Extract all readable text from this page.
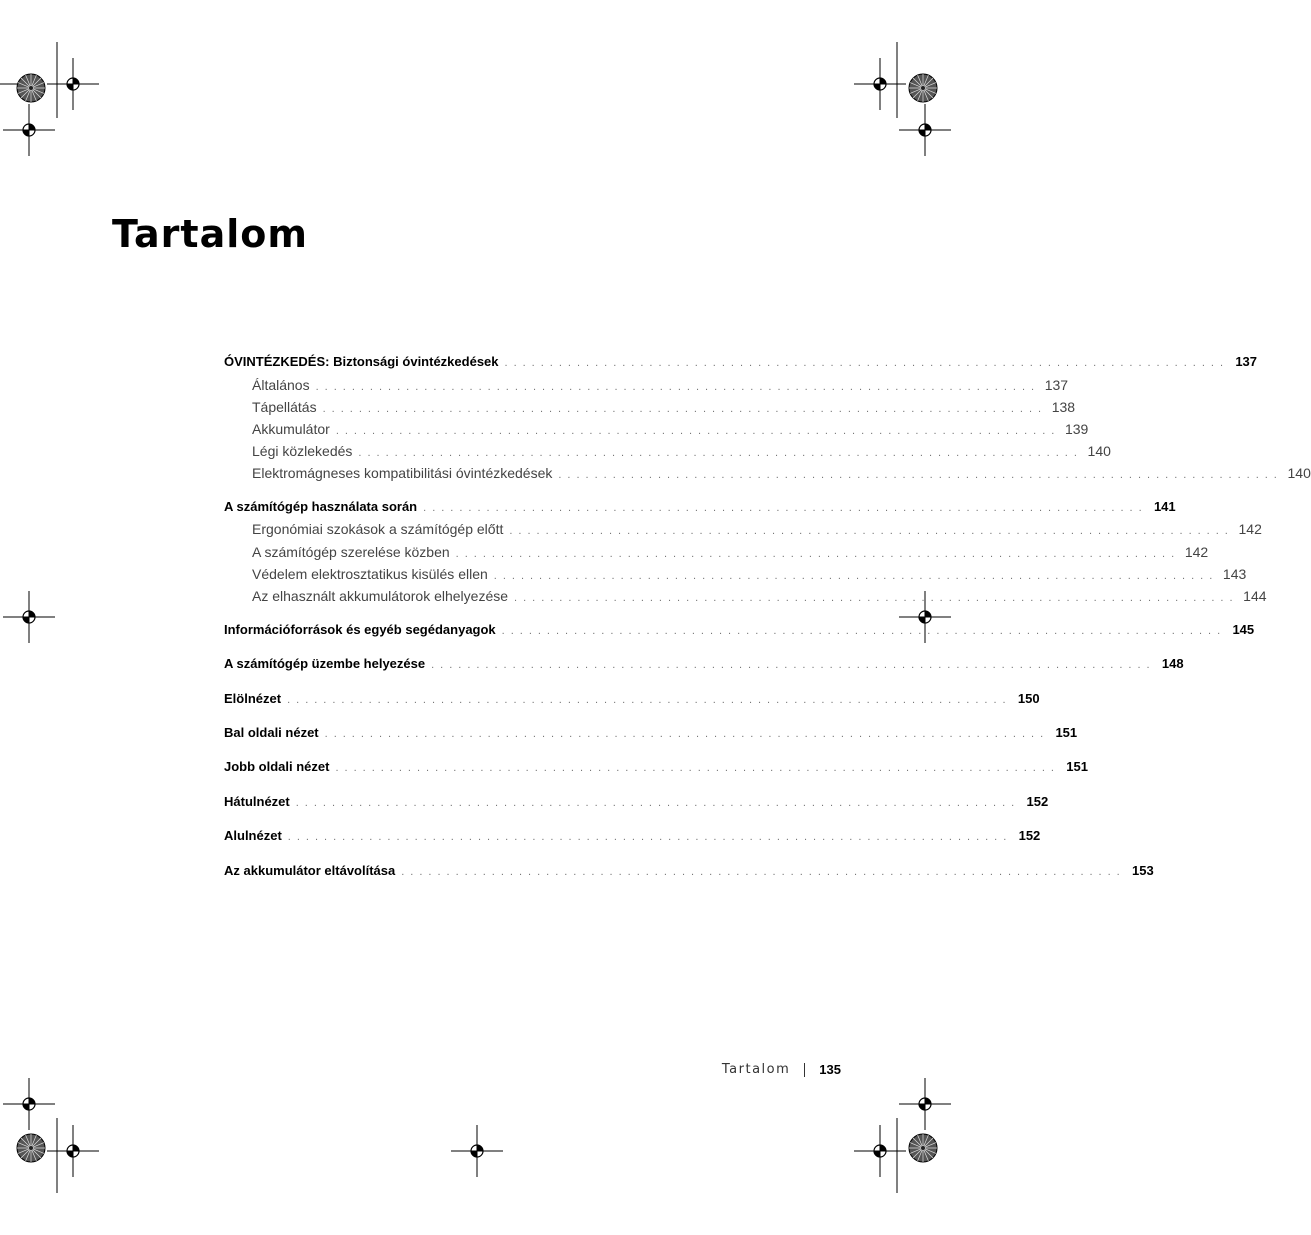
Tartalom
ÓVINTÉZKEDÉS: Biztonsági óvintézkedések ................................................................................ 137
Általános ................................................................................ 137
Tápellátás ................................................................................ 138
Akkumulátor ................................................................................ 139
Légi közlekedés ................................................................................ 140
Elektromágneses kompatibilitási óvintézkedések ................................................................................ 140
A számítógép használata során ................................................................................ 141
Ergonómiai szokások a számítógép előtt ................................................................................ 142
A számítógép szerelése közben ................................................................................ 142
Védelem elektrosztatikus kisülés ellen ................................................................................ 143
Az elhasznált akkumulátorok elhelyezése ................................................................................ 144
Információforrások és egyéb segédanyagok ................................................................................ 145
A számítógép üzembe helyezése ................................................................................ 148
Elölnézet ................................................................................ 150
Bal oldali nézet ................................................................................ 151
Jobb oldali nézet ................................................................................ 151
Hátulnézet ................................................................................ 152
Alulnézet ................................................................................ 152
Az akkumulátor eltávolítása ................................................................................ 153
Tartalom 135
